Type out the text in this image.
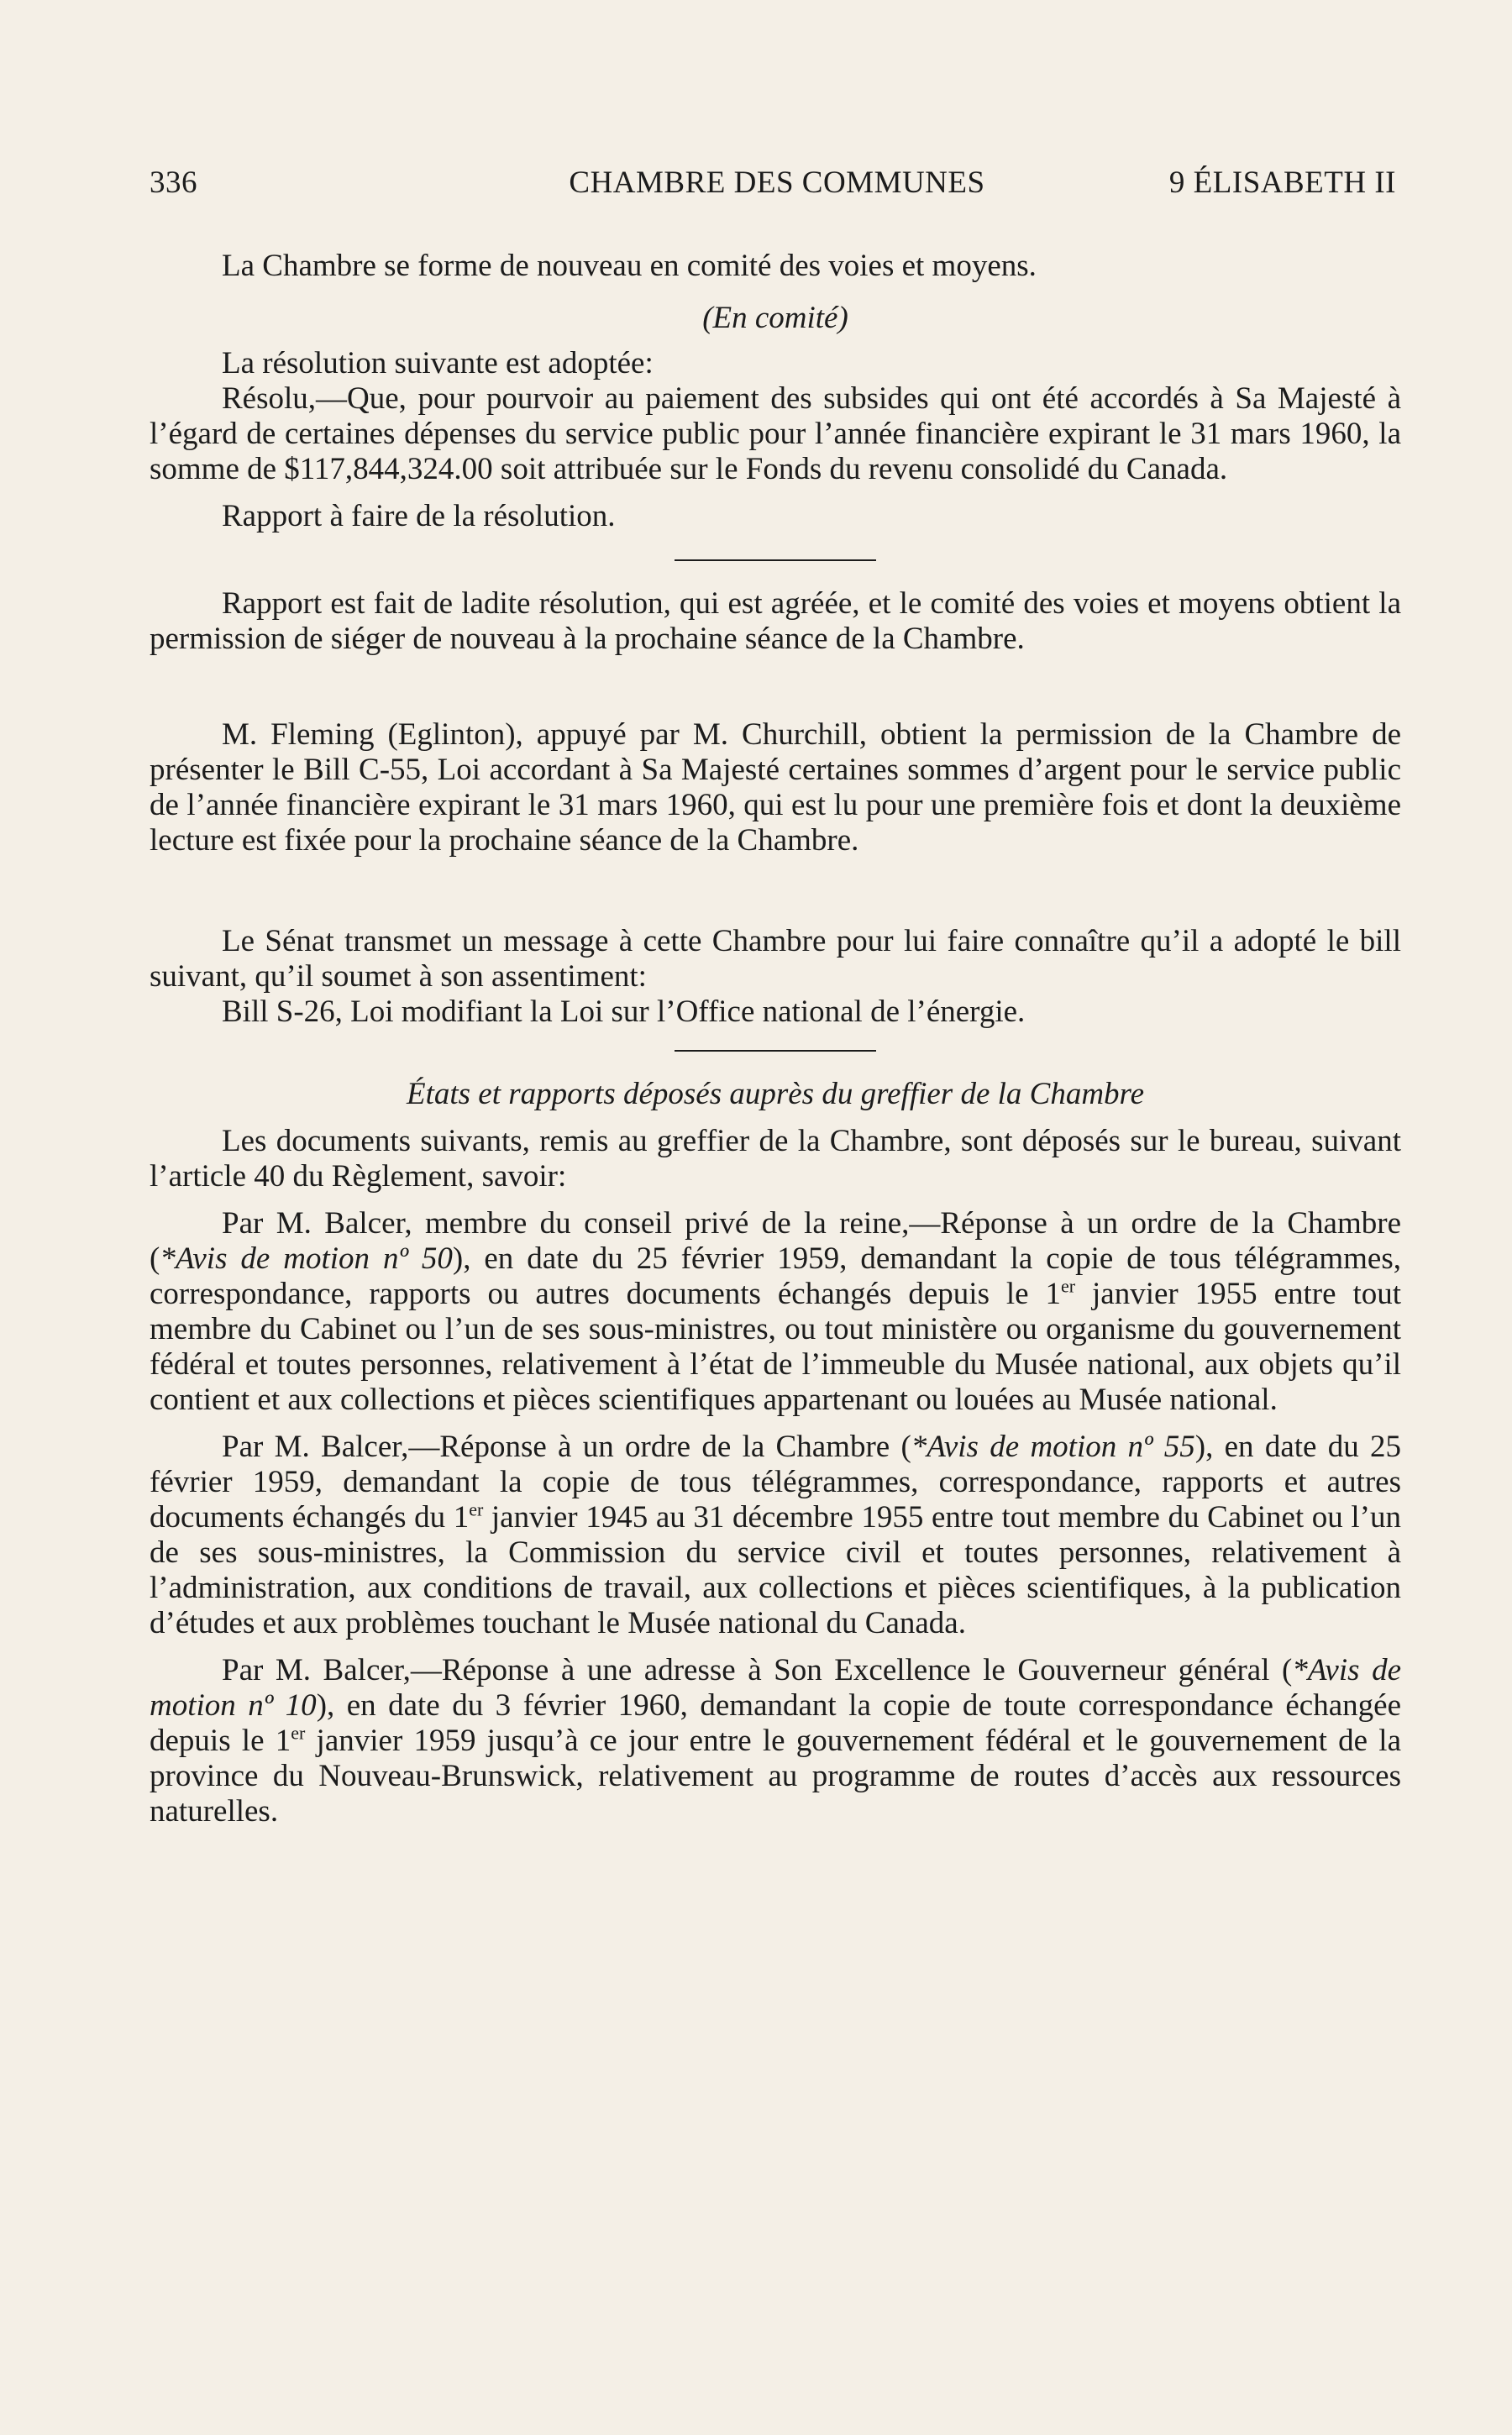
336	CHAMBRE DES COMMUNES	9 ÉLISABETH II

La Chambre se forme de nouveau en comité des voies et moyens.

(En comité)

La résolution suivante est adoptée:

Résolu,—Que, pour pourvoir au paiement des subsides qui ont été accordés à Sa Majesté à l’égard de certaines dépenses du service public pour l’année financière expirant le 31 mars 1960, la somme de $117,844,324.00 soit attribuée sur le Fonds du revenu consolidé du Canada.

Rapport à faire de la résolution.

Rapport est fait de ladite résolution, qui est agréée, et le comité des voies et moyens obtient la permission de siéger de nouveau à la prochaine séance de la Chambre.

M. Fleming (Eglinton), appuyé par M. Churchill, obtient la permission de la Chambre de présenter le Bill C-55, Loi accordant à Sa Majesté certaines sommes d’argent pour le service public de l’année financière expirant le 31 mars 1960, qui est lu pour une première fois et dont la deuxième lecture est fixée pour la prochaine séance de la Chambre.

Le Sénat transmet un message à cette Chambre pour lui faire connaître qu’il a adopté le bill suivant, qu’il soumet à son assentiment:

Bill S-26, Loi modifiant la Loi sur l’Office national de l’énergie.

États et rapports déposés auprès du greffier de la Chambre

Les documents suivants, remis au greffier de la Chambre, sont déposés sur le bureau, suivant l’article 40 du Règlement, savoir:

Par M. Balcer, membre du conseil privé de la reine,—Réponse à un ordre de la Chambre (*Avis de motion nº 50), en date du 25 février 1959, demandant la copie de tous télégrammes, correspondance, rapports ou autres documents échangés depuis le 1er janvier 1955 entre tout membre du Cabinet ou l’un de ses sous-ministres, ou tout ministère ou organisme du gouvernement fédéral et toutes personnes, relativement à l’état de l’immeuble du Musée national, aux objets qu’il contient et aux collections et pièces scientifiques appartenant ou louées au Musée national.

Par M. Balcer,—Réponse à un ordre de la Chambre (*Avis de motion nº 55), en date du 25 février 1959, demandant la copie de tous télégrammes, correspondance, rapports et autres documents échangés du 1er janvier 1945 au 31 décembre 1955 entre tout membre du Cabinet ou l’un de ses sous-ministres, la Commission du service civil et toutes personnes, relativement à l’administration, aux conditions de travail, aux collections et pièces scientifiques, à la publication d’études et aux problèmes touchant le Musée national du Canada.

Par M. Balcer,—Réponse à une adresse à Son Excellence le Gouverneur général (*Avis de motion nº 10), en date du 3 février 1960, demandant la copie de toute correspondance échangée depuis le 1er janvier 1959 jusqu’à ce jour entre le gouvernement fédéral et le gouvernement de la province du Nouveau-Brunswick, relativement au programme de routes d’accès aux ressources naturelles.
